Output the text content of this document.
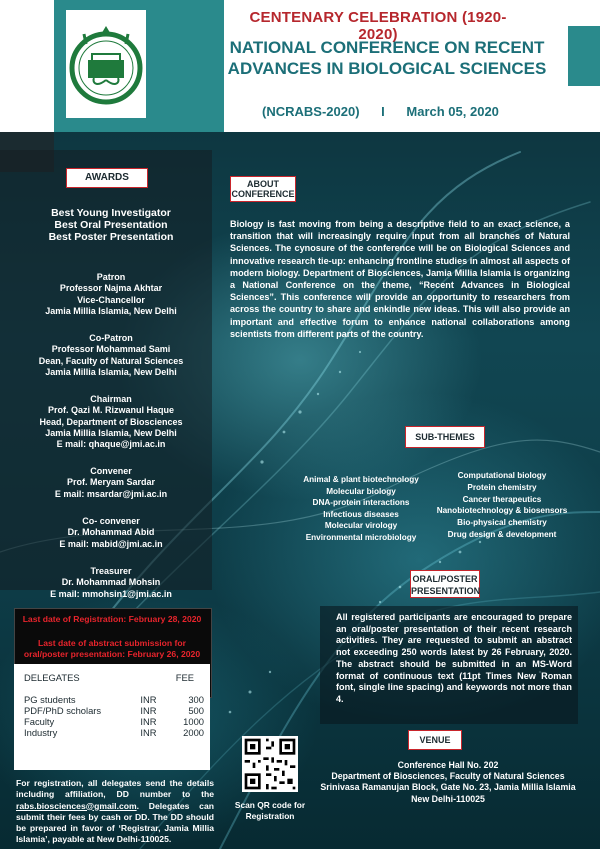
CENTENARY CELEBRATION (1920-2020)
NATIONAL CONFERENCE ON RECENT
ADVANCES IN BIOLOGICAL SCIENCES
(NCRABS-2020) I March 05, 2020
AWARDS
Best Young Investigator
Best Oral Presentation
Best Poster Presentation
Patron
Professor Najma Akhtar
Vice-Chancellor
Jamia Millia Islamia, New Delhi
Co-Patron
Professor Mohammad Sami
Dean, Faculty of Natural Sciences
Jamia Millia Islamia, New Delhi
Chairman
Prof. Qazi M. Rizwanul Haque
Head, Department of Biosciences
Jamia Millia Islamia, New Delhi
E mail: qhaque@jmi.ac.in
Convener
Prof. Meryam Sardar
E mail: msardar@jmi.ac.in
Co- convener
Dr. Mohammad Abid
E mail: mabid@jmi.ac.in
Treasurer
Dr. Mohammad Mohsin
E mail: mmohsin1@jmi.ac.in
ABOUT
CONFERENCE
Biology is fast moving from being a descriptive field to an exact science, a transition that will increasingly require input from all branches of Natural Sciences. The cynosure of the conference will be on Biological Sciences and innovative research tie-up: enhancing frontline studies in almost all aspects of modern biology. Department of Biosciences, Jamia Millia Islamia is organizing a National Conference on the theme, “Recent Advances in Biological Sciences”. This conference will provide an opportunity to researchers from across the country to share and enkindle new ideas. This will also provide an important and effective forum to enhance national collaborations among scientists from different parts of the country.
SUB-THEMES
Animal & plant biotechnology
Molecular biology
DNA-protein interactions
Infectious diseases
Molecular virology
Environmental microbiology
Computational biology
Protein chemistry
Cancer therapeutics
Nanobiotechnology & biosensors
Bio-physical chemistry
Drug design & development
ORAL/POSTER
PRESENTATION
All registered participants are encouraged to prepare an oral/poster presentation of their recent research activities. They are requested to submit an abstract not exceeding 250 words latest by 26 February, 2020. The abstract should be submitted in an MS-Word format of continuous text (11pt Times New Roman font, single line spacing) and keywords not more than 4.
Last date of Registration: February 28, 2020
Last date of abstract submission for
oral/poster presentation: February 26, 2020
DELEGATES		FEE
PG students	INR	300
PDF/PhD scholars	INR	500
Faculty	INR	1000
Industry	INR	2000
For registration, all delegates send the details including affiliation, DD number to the rabs.biosciences@gmail.com. Delegates can submit their fees by cash or DD. The DD should be prepared in favor of ‘Registrar, Jamia Millia Islamia’, payable at New Delhi-110025.
Scan QR code for
Registration
VENUE
Conference Hall No. 202
Department of Biosciences, Faculty of Natural Sciences
Srinivasa Ramanujan Block, Gate No. 23, Jamia Millia Islamia
New Delhi-110025
